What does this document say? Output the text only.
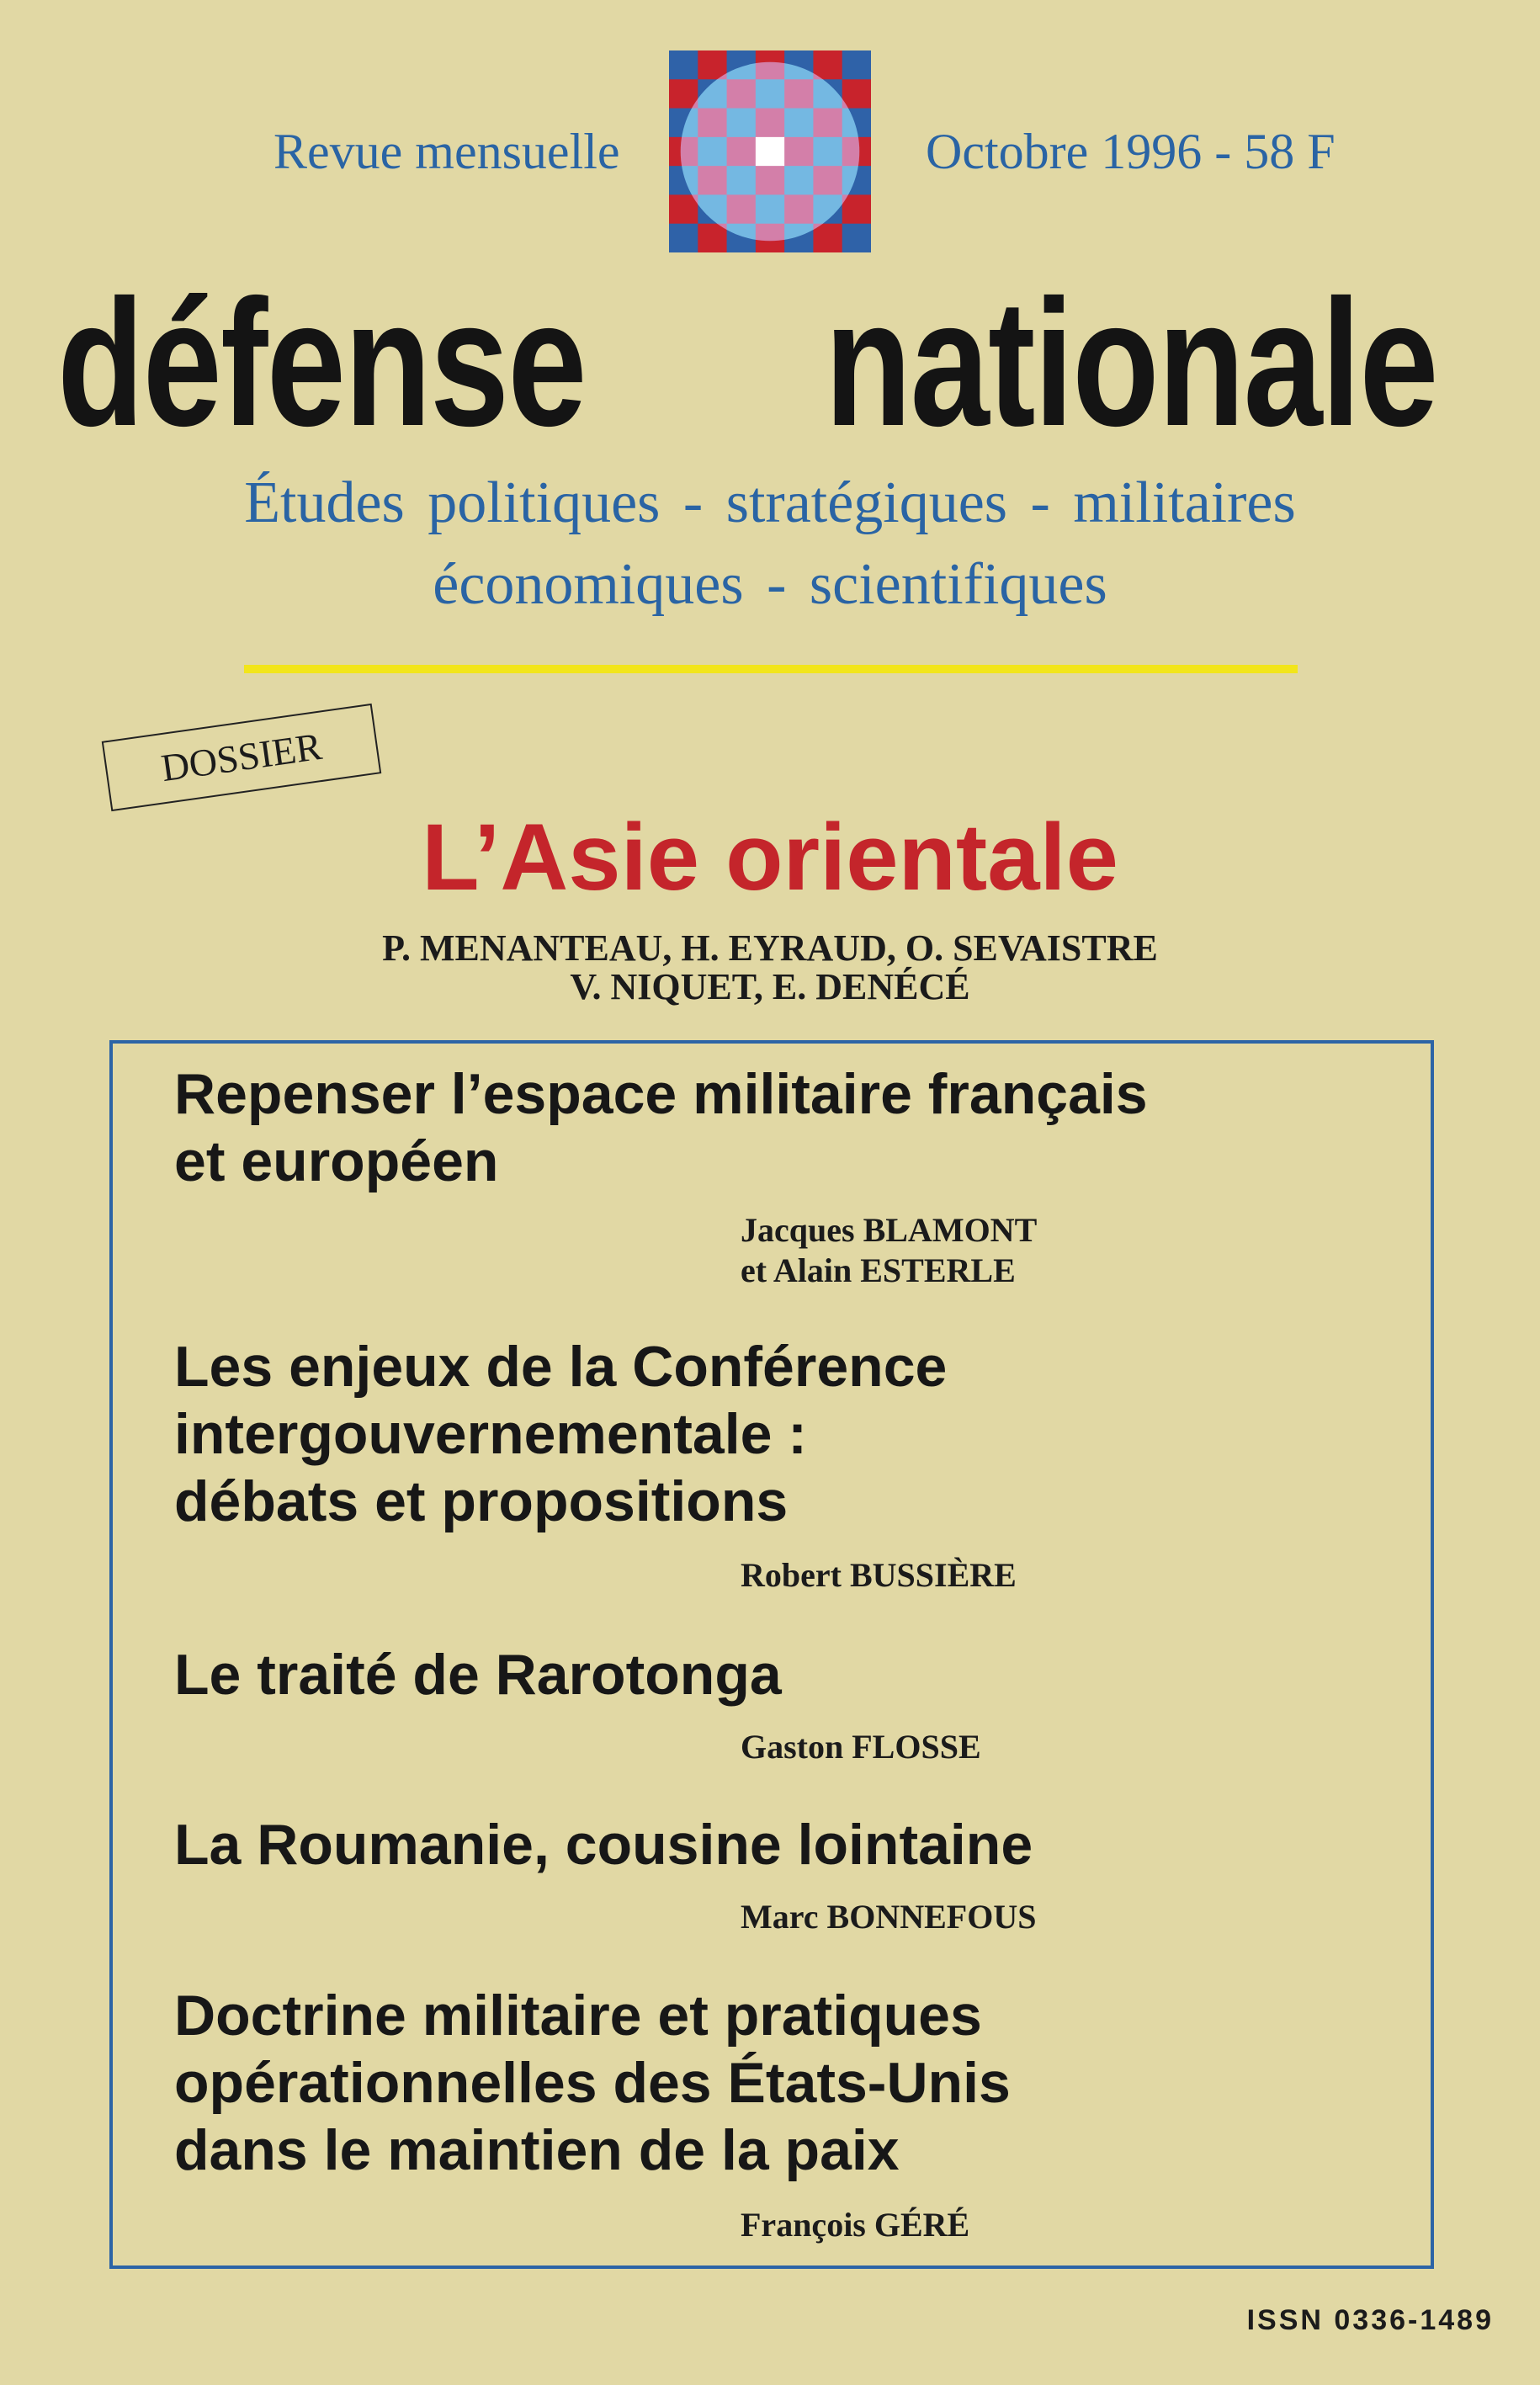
Revue mensuelle	Octobre 1996 - 58 F
défense nationale
Études politiques - stratégiques - militaires
économiques - scientifiques
DOSSIER
L’Asie orientale
P. MENANTEAU, H. EYRAUD, O. SEVAISTRE
V. NIQUET, E. DENÉCÉ
Repenser l’espace militaire français
et européen
Jacques BLAMONT
et Alain ESTERLE
Les enjeux de la Conférence
intergouvernementale :
débats et propositions
Robert BUSSIÈRE
Le traité de Rarotonga
Gaston FLOSSE
La Roumanie, cousine lointaine
Marc BONNEFOUS
Doctrine militaire et pratiques
opérationnelles des États-Unis
dans le maintien de la paix
François GÉRÉ
ISSN 0336-1489
